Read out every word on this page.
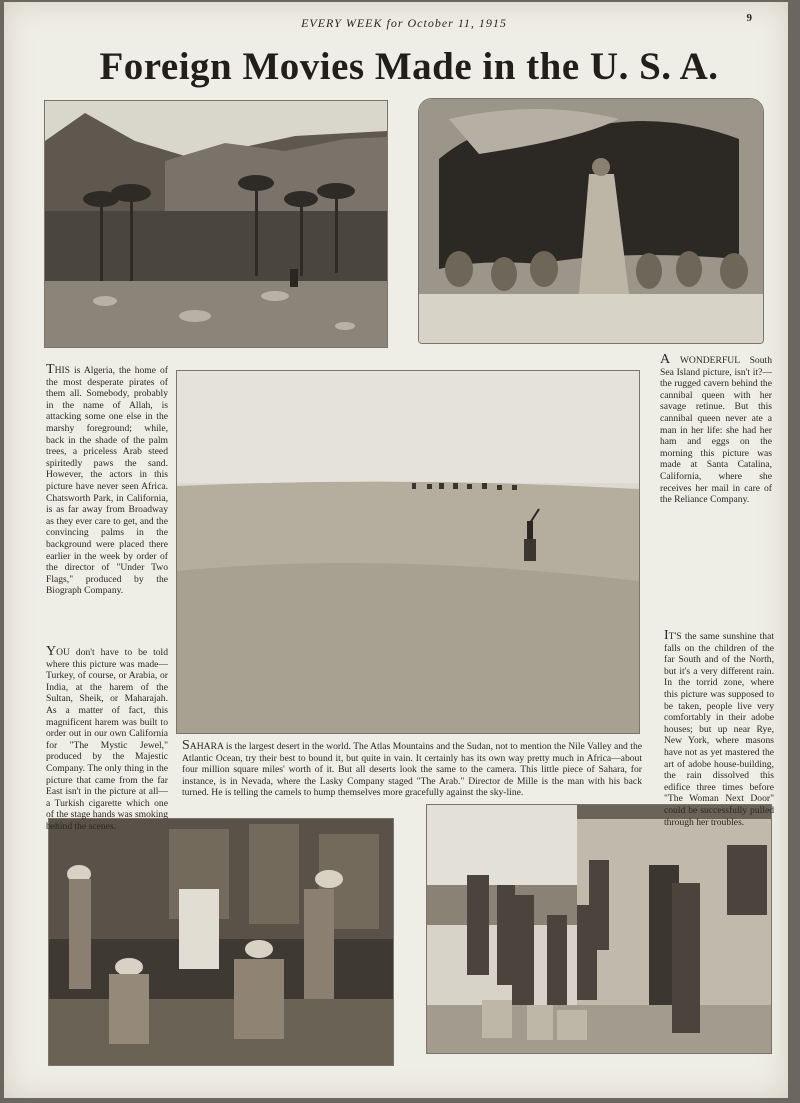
EVERY WEEK for October 11, 1915	9
Foreign Movies Made in the U. S. A.
THIS is Algeria, the home of the most desperate pirates of them all. Somebody, probably in the name of Allah, is attacking some one else in the marshy foreground; while, back in the shade of the palm trees, a priceless Arab steed spiritedly paws the sand. However, the actors in this picture have never seen Africa. Chatsworth Park, in California, is as far away from Broadway as they ever care to get, and the convincing palms in the background were placed there earlier in the week by order of the director of "Under Two Flags," produced by the Biograph Company.
A WONDERFUL South Sea Island picture, isn't it?—the rugged cavern behind the cannibal queen with her savage retinue. But this cannibal queen never ate a man in her life: she had her ham and eggs on the morning this picture was made at Santa Catalina, California, where she receives her mail in care of the Reliance Company.
YOU don't have to be told where this picture was made—Turkey, of course, or Arabia, or India, at the harem of the Sultan, Sheik, or Maharajah. As a matter of fact, this magnificent harem was built to order out in our own California for "The Mystic Jewel," produced by the Majestic Company. The only thing in the picture that came from the far East isn't in the picture at all—a Turkish cigarette which one of the stage hands was smoking behind the scenes.
IT'S the same sunshine that falls on the children of the far South and of the North, but it's a very different rain. In the torrid zone, where this picture was supposed to be taken, people live very comfortably in their adobe houses; but up near Rye, New York, where masons have not as yet mastered the art of adobe house-building, the rain dissolved this edifice three times before "The Woman Next Door" could be successfully pulled through her troubles.
SAHARA is the largest desert in the world. The Atlas Mountains and the Sudan, not to mention the Nile Valley and the Atlantic Ocean, try their best to bound it, but quite in vain. It certainly has its own way pretty much in Africa—about four million square miles' worth of it. But all deserts look the same to the camera. This little piece of Sahara, for instance, is in Nevada, where the Lasky Company staged "The Arab." Director de Mille is the man with his back turned. He is telling the camels to hump themselves more gracefully against the sky-line.
